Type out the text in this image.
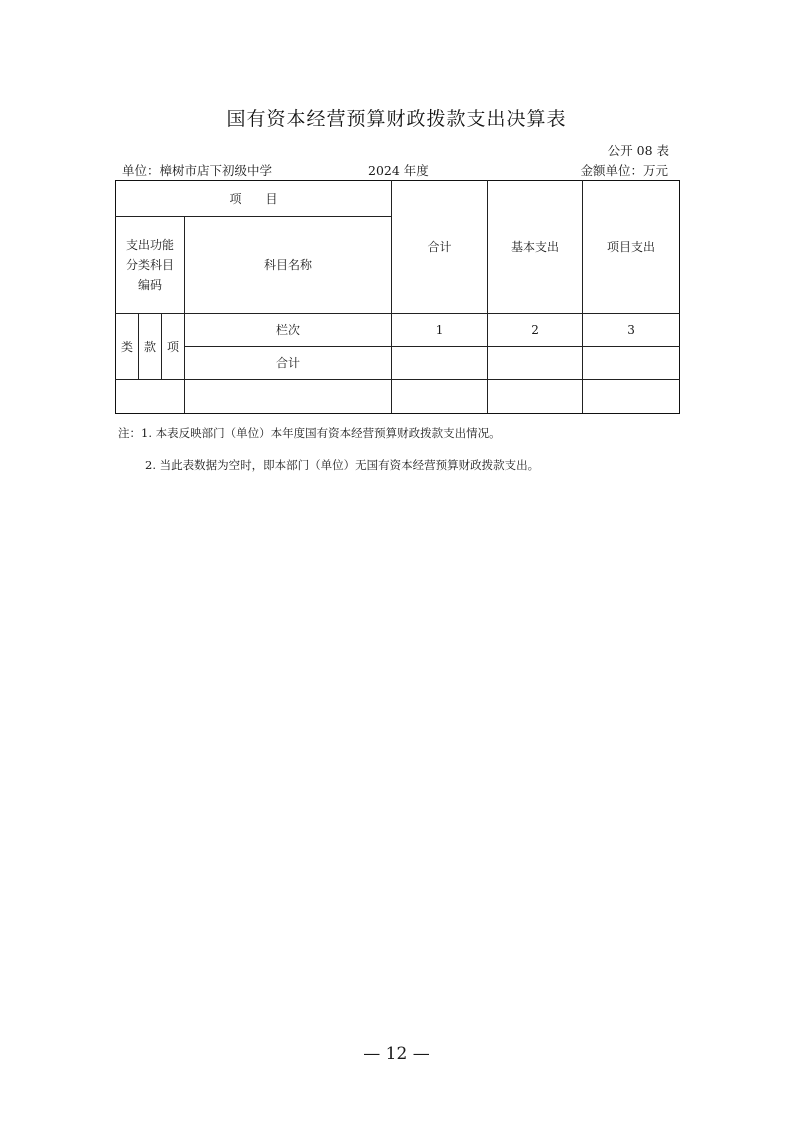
国有资本经营预算财政拨款支出决算表
公开 08 表
单位：樟树市店下初级中学	2024 年度	金额单位：万元
项　　目				合计	基本支出	项目支出

支出功能
分类科目
编码			科目名称			
类	款	项	栏次	1	2	3
			合计			

注：1. 本表反映部门（单位）本年度国有资本经营预算财政拨款支出情况。
2. 当此表数据为空时，即本部门（单位）无国有资本经营预算财政拨款支出。
— 12 —
